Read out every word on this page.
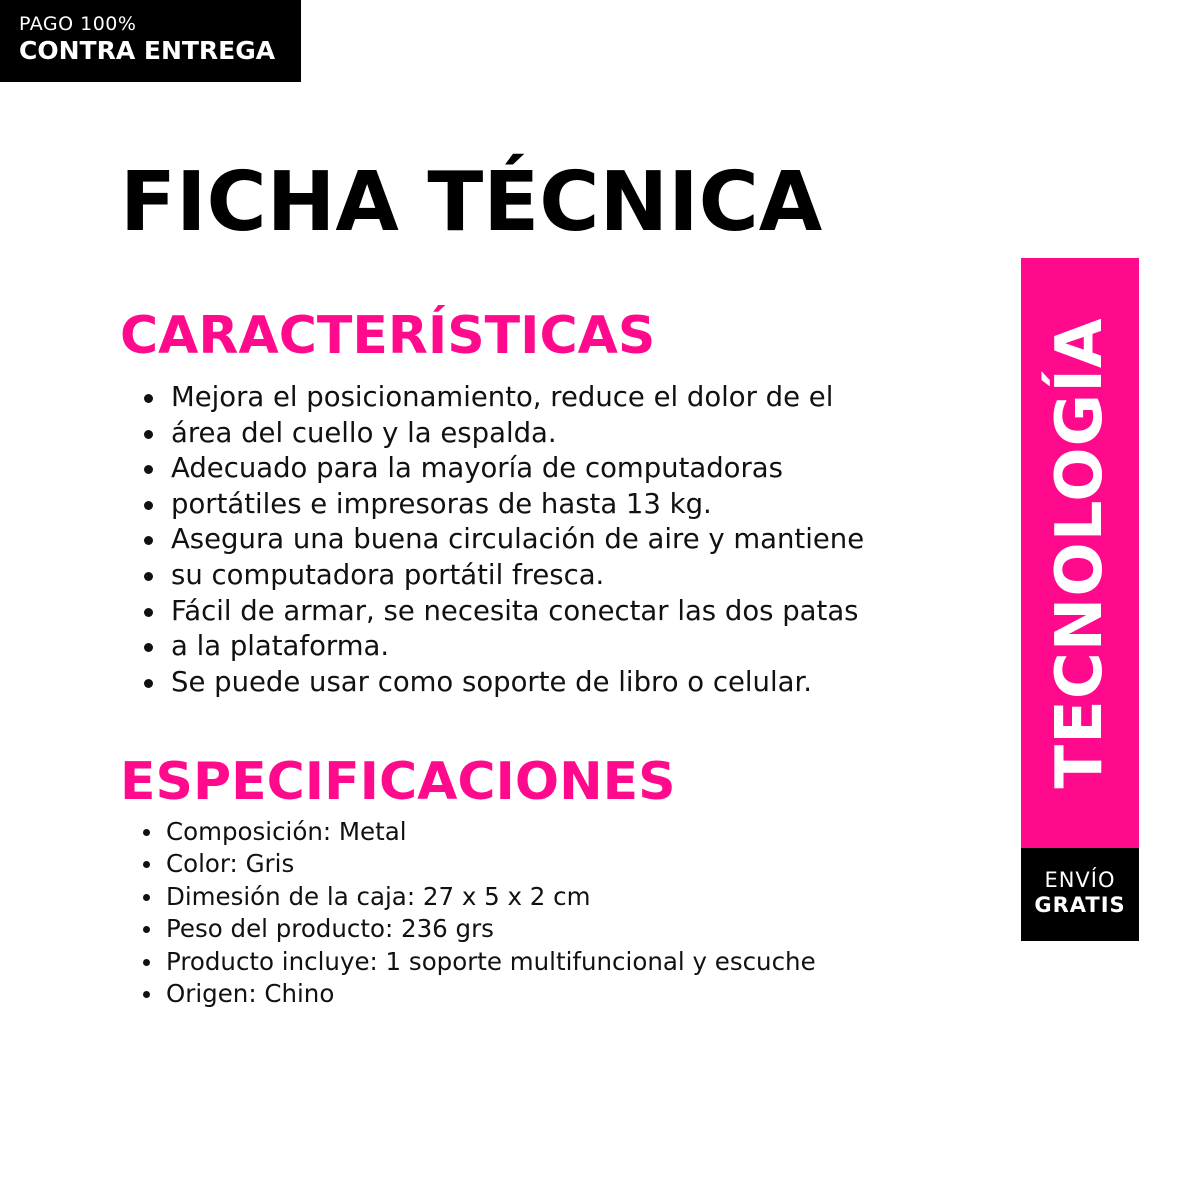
PAGO 100%
CONTRA ENTREGA
FICHA TÉCNICA
CARACTERÍSTICAS
Mejora el posicionamiento, reduce el dolor de el
área del cuello y la espalda.
Adecuado para la mayoría de computadoras
portátiles e impresoras de hasta 13 kg.
Asegura una buena circulación de aire y mantiene
su computadora portátil fresca.
Fácil de armar, se necesita conectar las dos patas
a la plataforma.
Se puede usar como soporte de libro o celular.
ESPECIFICACIONES
Composición: Metal
Color: Gris
Dimesión de la caja: 27 x 5 x 2 cm
Peso del producto: 236 grs
Producto incluye: 1 soporte multifuncional y escuche
Origen: Chino
TECNOLOGÍA
ENVÍO
GRATIS
